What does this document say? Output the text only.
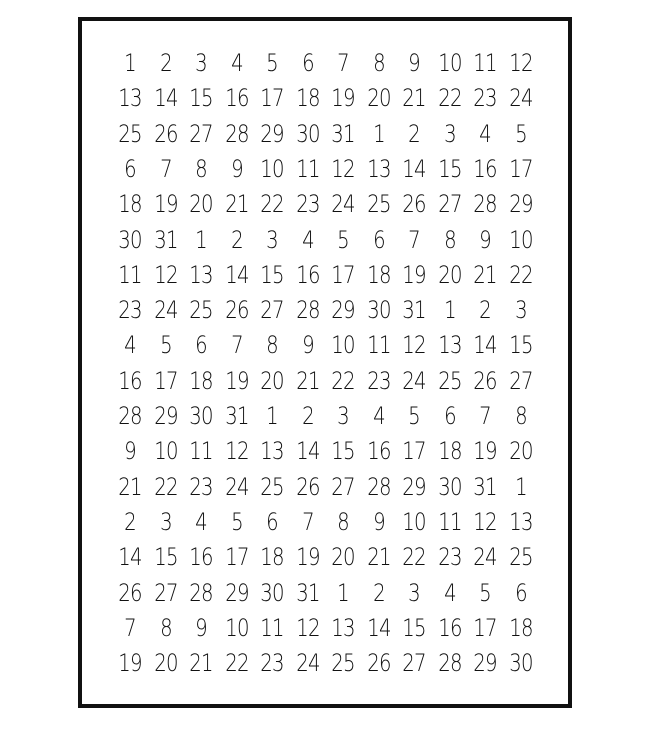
1 2 3 4 5 6 7 8 9 10 11 12
13 14 15 16 17 18 19 20 21 22 23 24
25 26 27 28 29 30 31 1 2 3 4 5
6 7 8 9 10 11 12 13 14 15 16 17
18 19 20 21 22 23 24 25 26 27 28 29
30 31 1 2 3 4 5 6 7 8 9 10
11 12 13 14 15 16 17 18 19 20 21 22
23 24 25 26 27 28 29 30 31 1 2 3
4 5 6 7 8 9 10 11 12 13 14 15
16 17 18 19 20 21 22 23 24 25 26 27
28 29 30 31 1 2 3 4 5 6 7 8
9 10 11 12 13 14 15 16 17 18 19 20
21 22 23 24 25 26 27 28 29 30 31 1
2 3 4 5 6 7 8 9 10 11 12 13
14 15 16 17 18 19 20 21 22 23 24 25
26 27 28 29 30 31 1 2 3 4 5 6
7 8 9 10 11 12 13 14 15 16 17 18
19 20 21 22 23 24 25 26 27 28 29 30
